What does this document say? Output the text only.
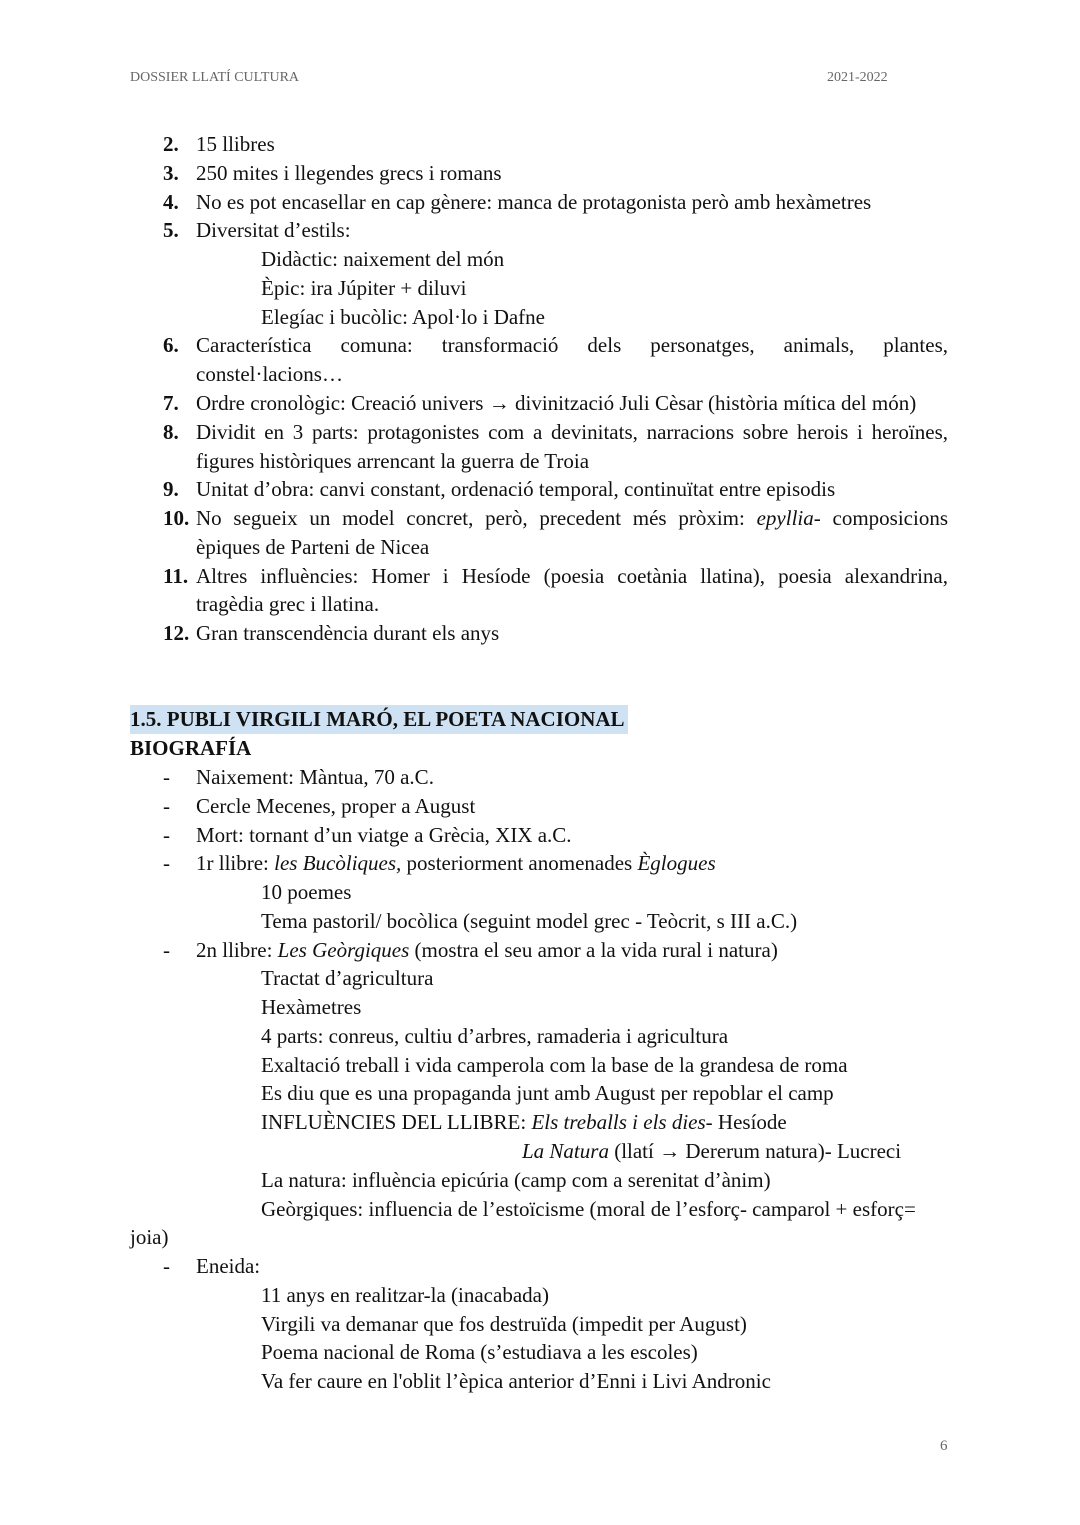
DOSSIER LLATÍ CULTURA	2021-2022
2. 15 llibres
3. 250 mites i llegendes grecs i romans
4. No es pot encasellar en cap gènere: manca de protagonista però amb hexàmetres
5. Diversitat d’estils:
Didàctic: naixement del món
Èpic: ira Júpiter + diluvi
Elegíac i bucòlic: Apol·lo i Dafne
6. Característica comuna: transformació dels personatges, animals, plantes,
constel·lacions…
7. Ordre cronològic: Creació univers → divinització Juli Cèsar (història mítica del món)
8. Dividit en 3 parts: protagonistes com a devinitats, narracions sobre herois i heroïnes,
figures històriques arrencant la guerra de Troia
9. Unitat d’obra: canvi constant, ordenació temporal, continuïtat entre episodis
10. No segueix un model concret, però, precedent més pròxim: epyllia- composicions
èpiques de Parteni de Nicea
11. Altres influències: Homer i Hesíode (poesia coetània llatina), poesia alexandrina,
tragèdia grec i llatina.
12. Gran transcendència durant els anys
1.5. PUBLI VIRGILI MARÓ, EL POETA NACIONAL
BIOGRAFÍA
- Naixement: Màntua, 70 a.C.
- Cercle Mecenes, proper a August
- Mort: tornant d’un viatge a Grècia, XIX a.C.
- 1r llibre: les Bucòliques, posteriorment anomenades Èglogues
10 poemes
Tema pastoril/ bocòlica (seguint model grec - Teòcrit, s III a.C.)
- 2n llibre: Les Geòrgiques (mostra el seu amor a la vida rural i natura)
Tractat d’agricultura
Hexàmetres
4 parts: conreus, cultiu d’arbres, ramaderia i agricultura
Exaltació treball i vida camperola com la base de la grandesa de roma
Es diu que es una propaganda junt amb August per repoblar el camp
INFLUÈNCIES DEL LLIBRE: Els treballs i els dies- Hesíode
La Natura (llatí → Dererum natura)- Lucreci
La natura: influència epicúria (camp com a serenitat d’ànim)
Geòrgiques: influencia de l’estoïcisme (moral de l’esforç- camparol + esforç=
joia)
- Eneida:
11 anys en realitzar-la (inacabada)
Virgili va demanar que fos destruïda (impedit per August)
Poema nacional de Roma (s’estudiava a les escoles)
Va fer caure en l'oblit l’èpica anterior d’Enni i Livi Andronic
6
